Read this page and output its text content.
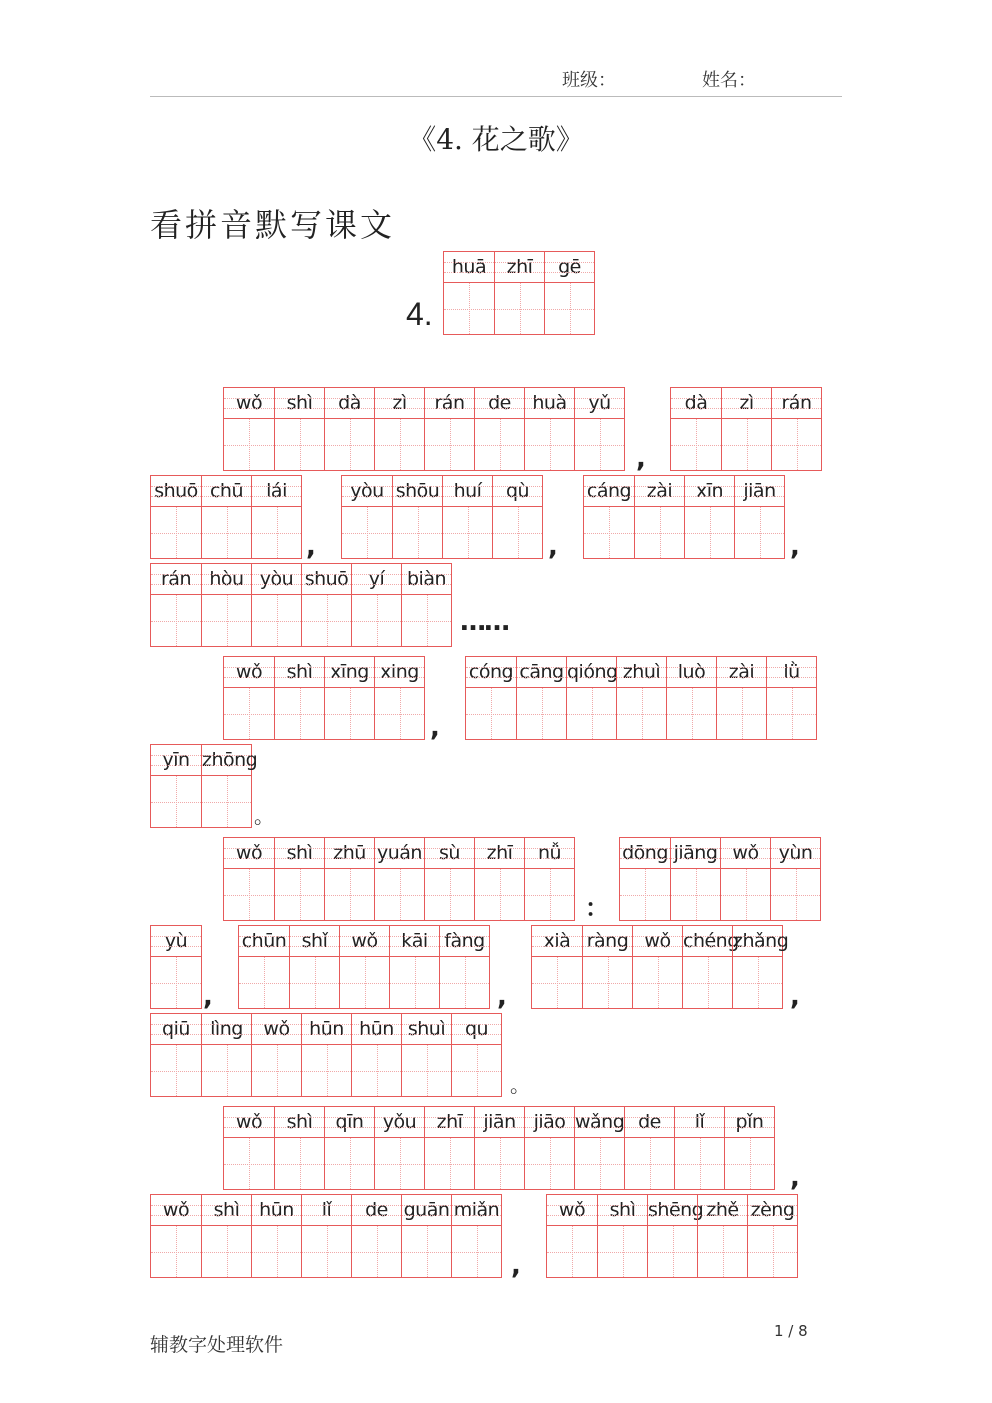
班级：	姓名：
《4. 花之歌》
看拼音默写课文
4.
huā	zhī	gē
wǒ	shì	dà	zì	rán	de	huà	yǔ	dà	zì	rán
shuō chū	lái	yòu shōu huí	qù	cáng zài	xīn	jiān
rán hòu yòu shuō	yí	biàn
wǒ	shì xīng xing	cóng cāng qióng zhuì luò	zài	lǜ
yīn zhōng
wǒ	shì	zhū yuán sù	zhī	nǚ	dōng jiāng wǒ	yùn
yù	chūn shǐ	wǒ	kāi fàng	xià ràng wǒ chéng
zhǎng
qiū	lìng	wǒ	hūn hūn shuì	qu
wǒ	shì	qīn	yǒu	zhī	jiān jiāo wǎng de	lǐ	pǐn
wǒ	shì	hūn	lǐ	de guān miǎn	wǒ	shì shēng zhě zèng
,
,	,	,
……
,
。
：
,	,	,
。
,
,
辅教字处理软件
1 / 8
